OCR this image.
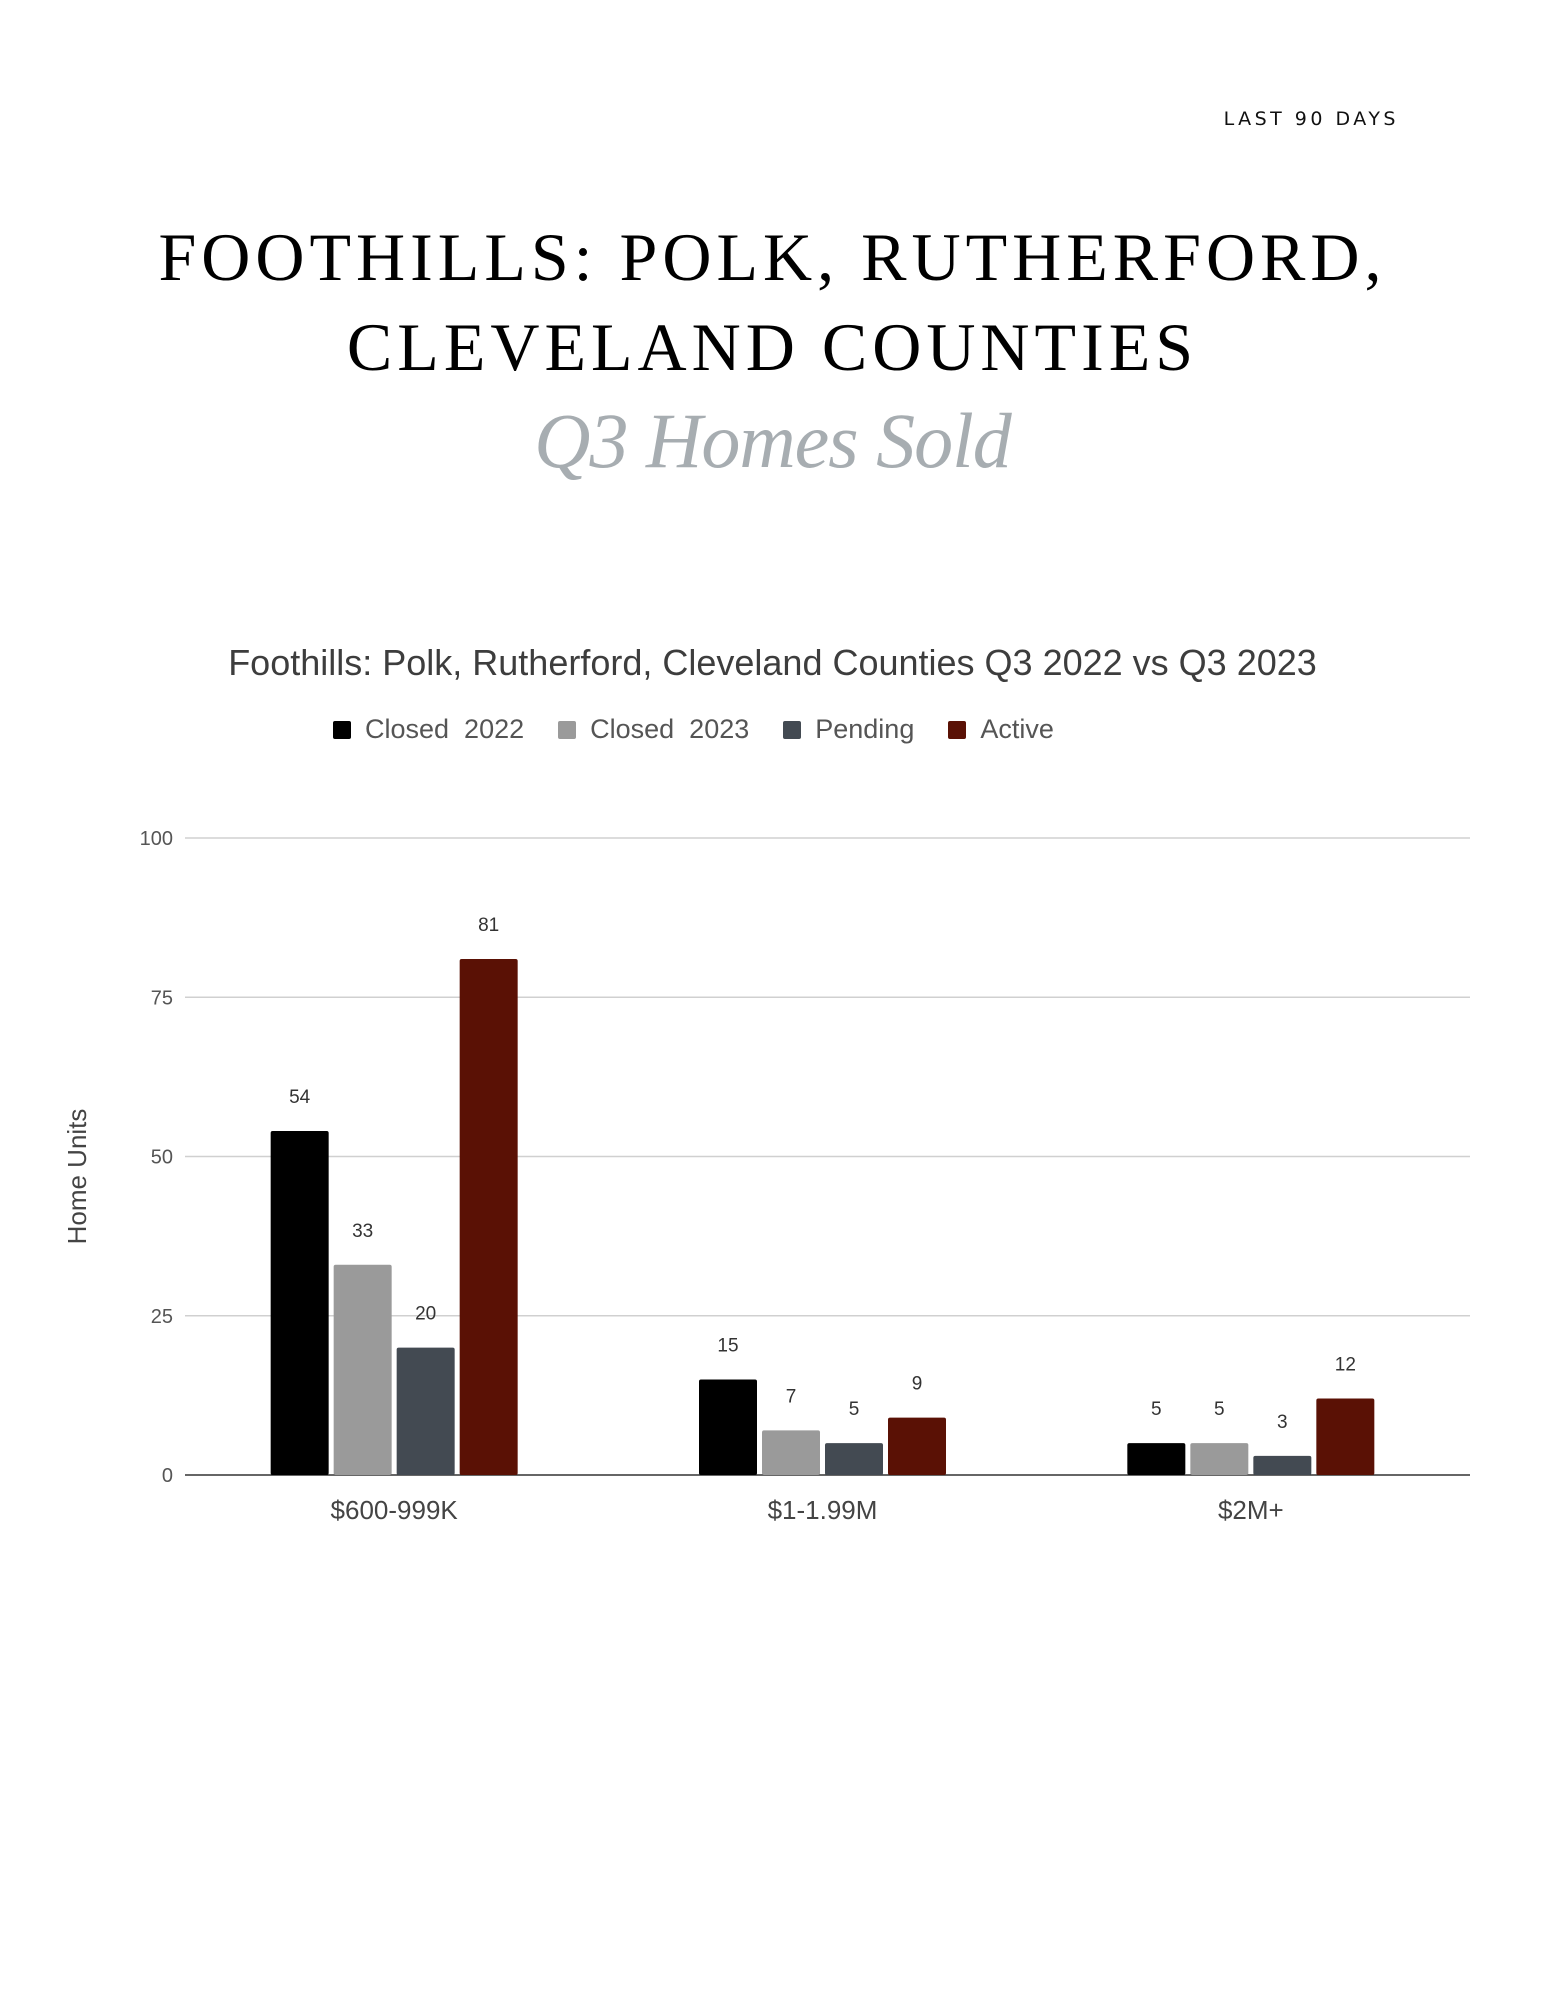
LAST 90 DAYS
FOOTHILLS: POLK, RUTHERFORD,
CLEVELAND COUNTIES
Q3 Homes Sold
Foothills: Polk, Rutherford, Cleveland Counties Q3 2022 vs Q3 2023
Closed  2022 Closed  2023 Pending Active
0
25
50
75
100
Home Units
54
33
20
81
$600-999K
15
7
5
9
$1-1.99M
5	5
3
12
$2M+
